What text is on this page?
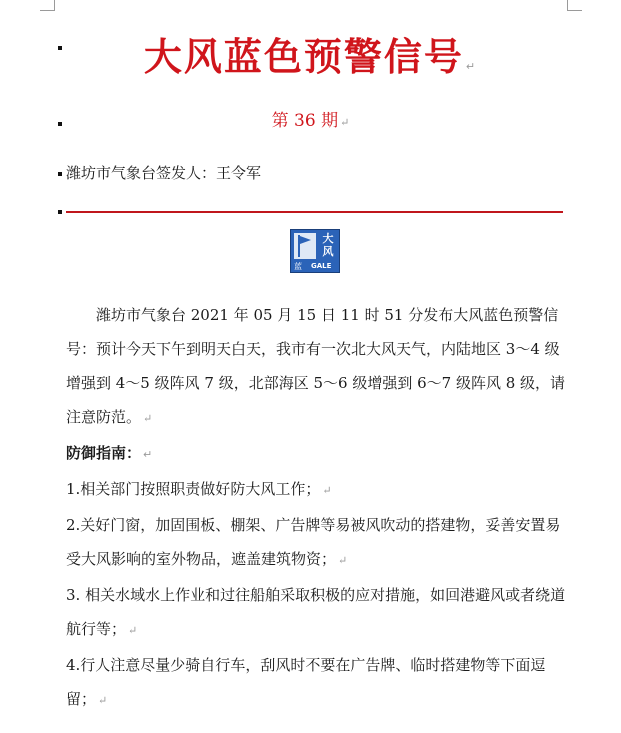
大风蓝色预警信号 ↵
第 36 期 ↵
潍坊市气象台签发人：王令军
大风
蓝 GALE

潍坊市气象台 2021 年 05 月 15 日 11 时 51 分发布大风蓝色预警信号：预计今天下午到明天白天，我市有一次北大风天气，内陆地区 3～4 级增强到 4～5 级阵风 7 级，北部海区 5～6 级增强到 6～7 级阵风 8 级，请注意防范。 ↵

防御指南： ↵

1.相关部门按照职责做好防大风工作； ↵

2.关好门窗，加固围板、棚架、广告牌等易被风吹动的搭建物，妥善安置易受大风影响的室外物品，遮盖建筑物资； ↵

3. 相关水域水上作业和过往船舶采取积极的应对措施，如回港避风或者绕道航行等； ↵

4.行人注意尽量少骑自行车，刮风时不要在广告牌、临时搭建物等下面逗留； ↵
